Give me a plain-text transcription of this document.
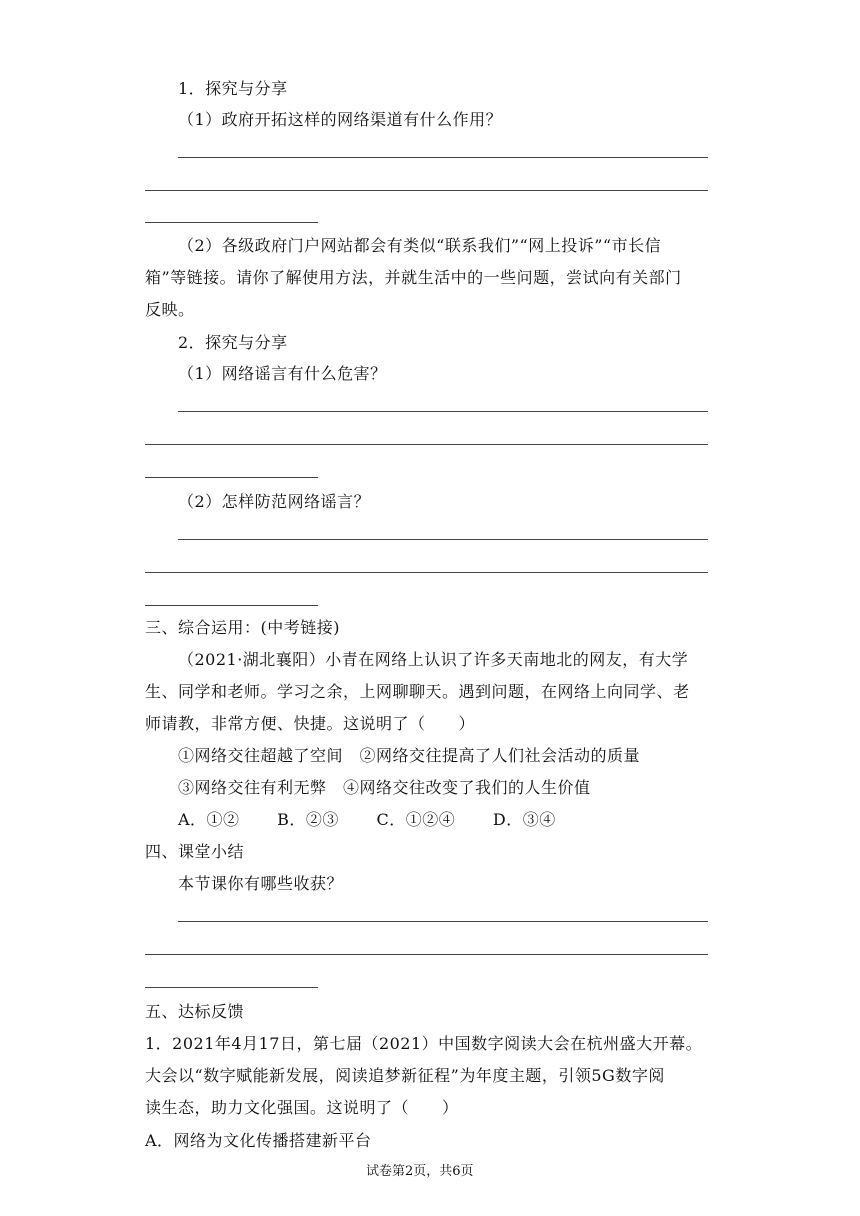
1．探究与分享
（1）政府开拓这样的网络渠道有什么作用？
（2）各级政府门户网站都会有类似“联系我们”“网上投诉”“市长信
箱”等链接。请你了解使用方法，并就生活中的一些问题，尝试向有关部门
反映。
2．探究与分享
（1）网络谣言有什么危害？
（2）怎样防范网络谣言？
三、综合运用：(中考链接)
（2021·湖北襄阳）小青在网络上认识了许多天南地北的网友，有大学
生、同学和老师。学习之余，上网聊聊天。遇到问题，在网络上向同学、老
师请教，非常方便、快捷。这说明了（　　）
①网络交往超越了空间　②网络交往提高了人们社会活动的质量
③网络交往有利无弊　④网络交往改变了我们的人生价值
A．①② B．②③ C．①②④ D．③④
四、课堂小结
本节课你有哪些收获？
五、达标反馈
1．2021年4月17日，第七届（2021）中国数字阅读大会在杭州盛大开幕。
大会以“数字赋能新发展，阅读追梦新征程”为年度主题，引领5G数字阅
读生态，助力文化强国。这说明了（　　）
A．网络为文化传播搭建新平台
试卷第2页，共6页
